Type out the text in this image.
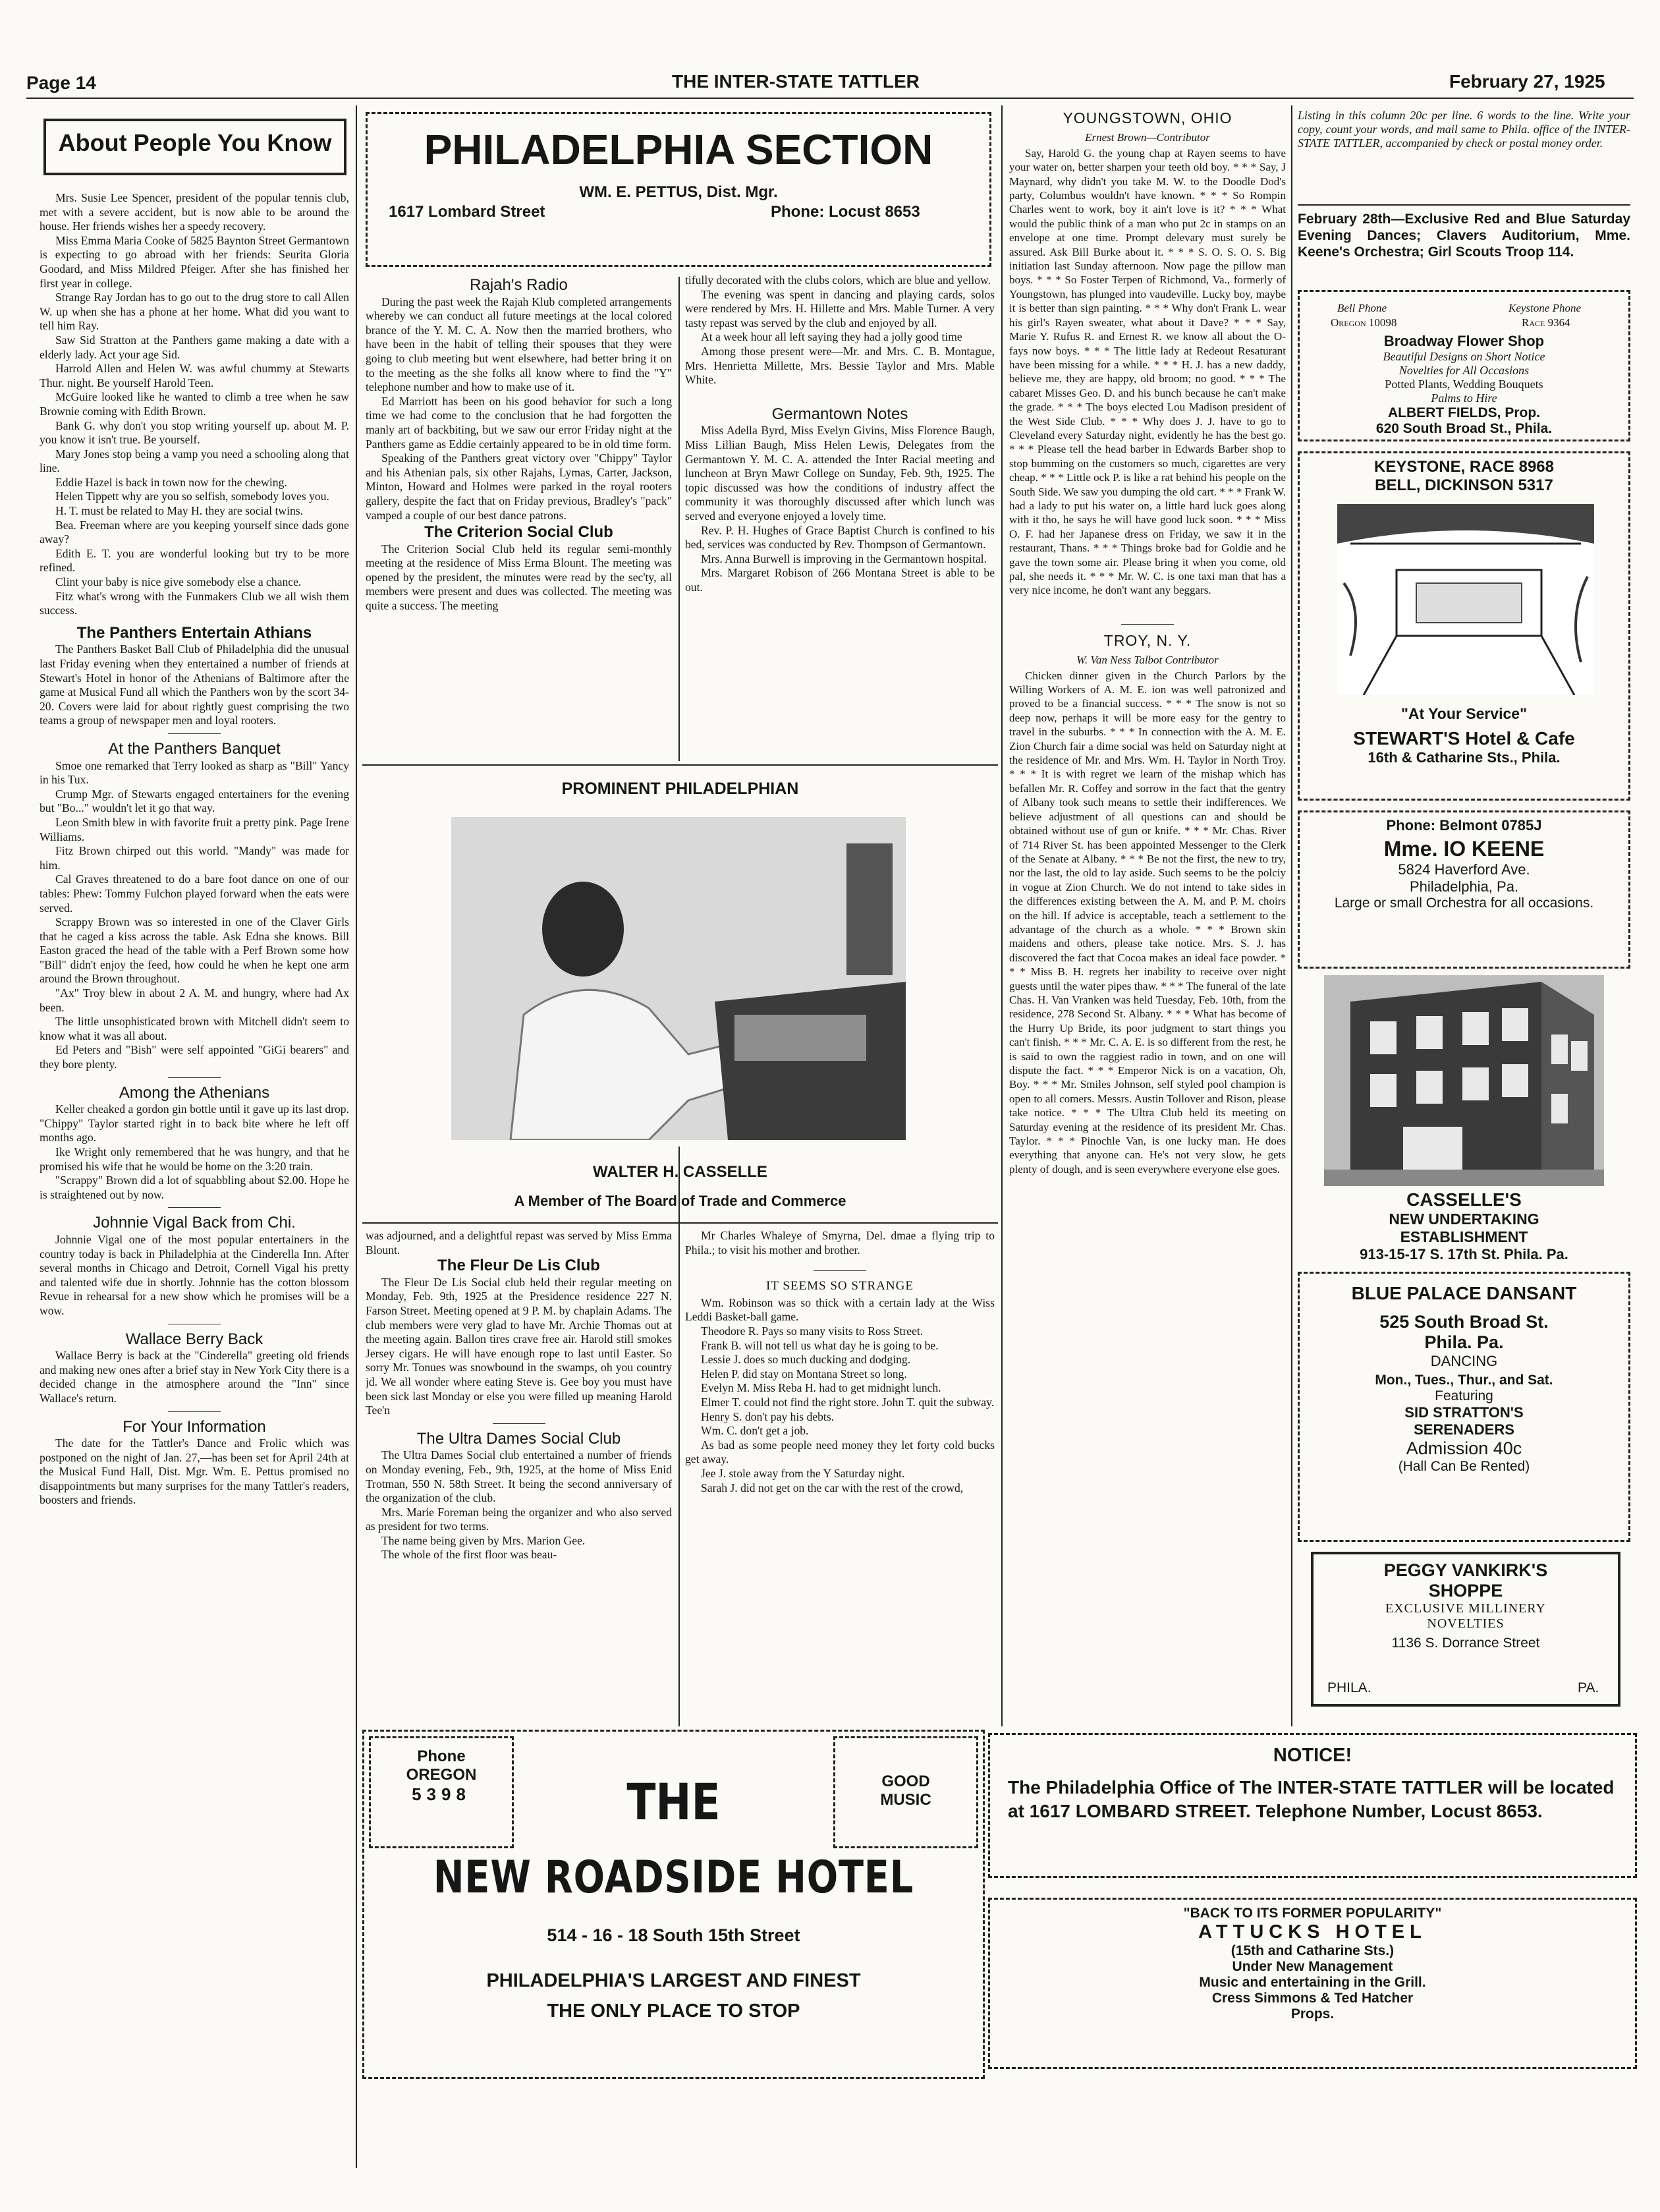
Page 14	THE INTER-STATE TATTLER	February 27, 1925
About People You Know

Mrs. Susie Lee Spencer, president of the popular tennis club, met with a severe accident, but is now able to be around the house. Her friends wishes her a speedy recovery.

Miss Emma Maria Cooke of 5825 Baynton Street Germantown is expecting to go abroad with her friends: Seurita Gloria Goodard, and Miss Mildred Pfeiger. After she has finished her first year in college.

Strange Ray Jordan has to go out to the drug store to call Allen W. up when she has a phone at her home. What did you want to tell him Ray.

Saw Sid Stratton at the Panthers game making a date with a elderly lady. Act your age Sid.

Harrold Allen and Helen W. was awful chummy at Stewarts Thur. night. Be yourself Harold Teen.

McGuire looked like he wanted to climb a tree when he saw Brownie coming with Edith Brown.

Bank G. why don't you stop writing yourself up. about M. P. you know it isn't true. Be yourself.

Mary Jones stop being a vamp you need a schooling along that line.

Eddie Hazel is back in town now for the chewing.

Helen Tippett why are you so selfish, somebody loves you.

H. T. must be related to May H. they are social twins.

Bea. Freeman where are you keeping yourself since dads gone away?

Edith E. T. you are wonderful looking but try to be more refined.

Clint your baby is nice give somebody else a chance.

Fitz what's wrong with the Funmakers Club we all wish them success.

The Panthers Entertain Athians

The Panthers Basket Ball Club of Philadelphia did the unusual last Friday evening when they entertained a number of friends at Stewart's Hotel in honor of the Athenians of Baltimore after the game at Musical Fund all which the Panthers won by the scort 34-20. Covers were laid for about rightly guest comprising the two teams a group of newspaper men and loyal rooters.

At the Panthers Banquet

Smoe one remarked that Terry looked as sharp as "Bill" Yancy in his Tux.

Crump Mgr. of Stewarts engaged entertainers for the evening but "Bo..." wouldn't let it go that way.

Leon Smith blew in with favorite fruit a pretty pink. Page Irene Williams.

Fitz Brown chirped out this world. "Mandy" was made for him.

Cal Graves threatened to do a bare foot dance on one of our tables: Phew: Tommy Fulchon played forward when the eats were served.

Scrappy Brown was so interested in one of the Claver Girls that he caged a kiss across the table. Ask Edna she knows. Bill Easton graced the head of the table with a Perf Brown some how "Bill" didn't enjoy the feed, how could he when he kept one arm around the Brown throughout.

"Ax" Troy blew in about 2 A. M. and hungry, where had Ax been.

The little unsophisticated brown with Mitchell didn't seem to know what it was all about.

Ed Peters and "Bish" were self appointed "GiGi bearers" and they bore plenty.

Among the Athenians

Keller cheaked a gordon gin bottle until it gave up its last drop. "Chippy" Taylor started right in to back bite where he left off months ago.

Ike Wright only remembered that he was hungry, and that he promised his wife that he would be home on the 3:20 train.

"Scrappy" Brown did a lot of squabbling about $2.00. Hope he is straightened out by now.

Johnnie Vigal Back from Chi.

Johnnie Vigal one of the most popular entertainers in the country today is back in Philadelphia at the Cinderella Inn. After several months in Chicago and Detroit, Cornell Vigal his pretty and talented wife due in shortly. Johnnie has the cotton blossom Revue in rehearsal for a new show which he promises will be a wow.

Wallace Berry Back

Wallace Berry is back at the "Cinderella" greeting old friends and making new ones after a brief stay in New York City there is a decided change in the atmosphere around the "Inn" since Wallace's return.

For Your Information

The date for the Tattler's Dance and Frolic which was postponed on the night of Jan. 27,—has been set for April 24th at the Musical Fund Hall, Dist. Mgr. Wm. E. Pettus promised no disappointments but many surprises for the many Tattler's readers, boosters and friends.

PHILADELPHIA SECTION
WM. E. PETTUS, Dist. Mgr.
1617 Lombard Street	Phone: Locust 8653
Rajah's Radio

During the past week the Rajah Klub completed arrangements whereby we can conduct all future meetings at the local colored brance of the Y. M. C. A. Now then the married brothers, who have been in the habit of telling their spouses that they were going to club meeting but went elsewhere, had better bring it on to the meeting as the she folks all know where to find the "Y" telephone number and how to make use of it.

Ed Marriott has been on his good behavior for such a long time we had come to the conclusion that he had forgotten the manly art of backbiting, but we saw our error Friday night at the Panthers game as Eddie certainly appeared to be in old time form.

Speaking of the Panthers great victory over "Chippy" Taylor and his Athenian pals, six other Rajahs, Lymas, Carter, Jackson, Minton, Howard and Holmes were parked in the royal rooters gallery, despite the fact that on Friday previous, Bradley's "pack" vamped a couple of our best dance patrons.

The Criterion Social Club

The Criterion Social Club held its regular semi-monthly meeting at the residence of Miss Erma Blount. The meeting was opened by the president, the minutes were read by the sec'ty, all members were present and dues was collected. The meeting was quite a success. The meeting

tifully decorated with the clubs colors, which are blue and yellow.

The evening was spent in dancing and playing cards, solos were rendered by Mrs. H. Hillette and Mrs. Mable Turner. A very tasty repast was served by the club and enjoyed by all.

At a week hour all left saying they had a jolly good time

Among those present were—Mr. and Mrs. C. B. Montague, Mrs. Henrietta Millette, Mrs. Bessie Taylor and Mrs. Mable White.

Germantown Notes

Miss Adella Byrd, Miss Evelyn Givins, Miss Florence Baugh, Miss Lillian Baugh, Miss Helen Lewis, Delegates from the Germantown Y. M. C. A. attended the Inter Racial meeting and luncheon at Bryn Mawr College on Sunday, Feb. 9th, 1925. The topic discussed was how the conditions of industry affect the community it was thoroughly discussed after which lunch was served and everyone enjoyed a lovely time.

Rev. P. H. Hughes of Grace Baptist Church is confined to his bed, services was conducted by Rev. Thompson of Germantown.

Mrs. Anna Burwell is improving in the Germantown hospital.

Mrs. Margaret Robison of 266 Montana Street is able to be out.

PROMINENT PHILADELPHIAN
WALTER H. CASSELLE
A Member of The Board of Trade and Commerce

was adjourned, and a delightful repast was served by Miss Emma Blount.

The Fleur De Lis Club

The Fleur De Lis Social club held their regular meeting on Monday, Feb. 9th, 1925 at the Presidence residence 227 N. Farson Street. Meeting opened at 9 P. M. by chaplain Adams. The club members were very glad to have Mr. Archie Thomas out at the meeting again. Ballon tires crave free air. Harold still smokes Jersey cigars. He will have enough rope to last until Easter. So sorry Mr. Tonues was snowbound in the swamps, oh you country jd. We all wonder where eating Steve is. Gee boy you must have been sick last Monday or else you were filled up meaning Harold Tee'n

The Ultra Dames Social Club

The Ultra Dames Social club entertained a number of friends on Monday evening, Feb., 9th, 1925, at the home of Miss Enid Trotman, 550 N. 58th Street. It being the second anniversary of the organization of the club.

Mrs. Marie Foreman being the organizer and who also served as president for two terms.

The name being given by Mrs. Marion Gee.

The whole of the first floor was beau-

Mr Charles Whaleye of Smyrna, Del. dmae a flying trip to Phila.; to visit his mother and brother.

IT SEEMS SO STRANGE

Wm. Robinson was so thick with a certain lady at the Wiss Leddi Basket-ball game.

Theodore R. Pays so many visits to Ross Street.

Frank B. will not tell us what day he is going to be.

Lessie J. does so much ducking and dodging.

Helen P. did stay on Montana Street so long.

Evelyn M. Miss Reba H. had to get midnight lunch.

Elmer T. could not find the right store. John T. quit the subway.

Henry S. don't pay his debts.

Wm. C. don't get a job.

As bad as some people need money they let forty cold bucks get away.

Jee J. stole away from the Y Saturday night.

Sarah J. did not get on the car with the rest of the crowd,

YOUNGSTOWN, OHIO
Ernest Brown—Contributor

Say, Harold G. the young chap at Rayen seems to have your water on, better sharpen your teeth old boy. * * * Say, J Maynard, why didn't you take M. W. to the Doodle Dod's party, Columbus wouldn't have known. * * * So Rompin Charles went to work, boy it ain't love is it? * * * What would the public think of a man who put 2c in stamps on an envelope at one time. Prompt delevary must surely be assured. Ask Bill Burke about it. * * * S. O. S. O. S. Big initiation last Sunday afternoon. Now page the pillow man boys. * * * So Foster Terpen of Richmond, Va., formerly of Youngstown, has plunged into vaudeville. Lucky boy, maybe it is better than sign painting. * * * Why don't Frank L. wear his girl's Rayen sweater, what about it Dave? * * * Say, Marie Y. Rufus R. and Ernest R. we know all about the O-fays now boys. * * * The little lady at Redeout Resaturant have been missing for a while. * * * H. J. has a new daddy, believe me, they are happy, old broom; no good. * * * The cabaret Misses Geo. D. and his bunch because he can't make the grade. * * * The boys elected Lou Madison president of the West Side Club. * * * Why does J. J. have to go to Cleveland every Saturday night, evidently he has the best go. * * * Please tell the head barber in Edwards Barber shop to stop bumming on the customers so much, cigarettes are very cheap. * * * Little ock P. is like a rat behind his people on the South Side. We saw you dumping the old cart. * * * Frank W. had a lady to put his water on, a little hard luck goes along with it tho, he says he will have good luck soon. * * * Miss O. F. had her Japanese dress on Friday, we saw it in the restaurant, Thans. * * * Things broke bad for Goldie and he gave the town some air. Please bring it when you come, old pal, she needs it. * * * Mr. W. C. is one taxi man that has a very nice income, he don't want any beggars.

TROY, N. Y.
W. Van Ness Talbot Contributor

Chicken dinner given in the Church Parlors by the Willing Workers of A. M. E. ion was well patronized and proved to be a financial success. * * * The snow is not so deep now, perhaps it will be more easy for the gentry to travel in the suburbs. * * * In connection with the A. M. E. Zion Church fair a dime social was held on Saturday night at the residence of Mr. and Mrs. Wm. H. Taylor in North Troy. * * * It is with regret we learn of the mishap which has befallen Mr. R. Coffey and sorrow in the fact that the gentry of Albany took such means to settle their indifferences. We believe adjustment of all questions can and should be obtained without use of gun or knife. * * * Mr. Chas. River of 714 River St. has been appointed Messenger to the Clerk of the Senate at Albany. * * * Be not the first, the new to try, nor the last, the old to lay aside. Such seems to be the polciy in vogue at Zion Church. We do not intend to take sides in the differences existing between the A. M. and P. M. choirs on the hill. If advice is acceptable, teach a settlement to the advantage of the church as a whole. * * * Brown skin maidens and others, please take notice. Mrs. S. J. has discovered the fact that Cocoa makes an ideal face powder. * * * Miss B. H. regrets her inability to receive over night guests until the water pipes thaw. * * * The funeral of the late Chas. H. Van Vranken was held Tuesday, Feb. 10th, from the residence, 278 Second St. Albany. * * * What has become of the Hurry Up Bride, its poor judgment to start things you can't finish. * * * Mr. C. A. E. is so different from the rest, he is said to own the raggiest radio in town, and on one will dispute the fact. * * * Emperor Nick is on a vacation, Oh, Boy. * * * Mr. Smiles Johnson, self styled pool champion is open to all comers. Messrs. Austin Tollover and Rison, please take notice. * * * The Ultra Club held its meeting on Saturday evening at the residence of its president Mr. Chas. Taylor. * * * Pinochle Van, is one lucky man. He does everything that anyone can. He's not very slow, he gets plenty of dough, and is seen everywhere everyone else goes.

Listing in this column 20c per line. 6 words to the line. Write your copy, count your words, and mail same to Phila. office of the INTER-STATE TATTLER, accompanied by check or postal money order.
February 28th—Exclusive Red and Blue Saturday Evening Dances; Clavers Auditorium, Mme. Keene's Orchestra; Girl Scouts Troop 114.
Bell Phone
Oregon 10098
Keystone Phone
Race 9364
Broadway Flower Shop
Beautiful Designs on Short Notice
Novelties for All Occasions
Potted Plants, Wedding Bouquets
Palms to Hire
ALBERT FIELDS, Prop.
620 South Broad St., Phila.
KEYSTONE, RACE 8968
BELL, DICKINSON 5317
"At Your Service"
STEWART'S Hotel & Cafe
16th & Catharine Sts., Phila.
Phone: Belmont 0785J
Mme. IO KEENE
5824 Haverford Ave.
Philadelphia, Pa.
Large or small Orchestra for all occasions.
CASSELLE'S
NEW UNDERTAKING
ESTABLISHMENT
913-15-17 S. 17th St. Phila. Pa.
BLUE PALACE DANSANT
525 South Broad St.
Phila. Pa.
DANCING
Mon., Tues., Thur., and Sat.
Featuring
SID STRATTON'S
SERENADERS
Admission 40c
(Hall Can Be Rented)
PEGGY VANKIRK'S
SHOPPE
EXCLUSIVE MILLINERY
NOVELTIES
1136 S. Dorrance Street
PHILA.	PA.
NOTICE!
The Philadelphia Office of The INTER-STATE TATTLER will be located at 1617 LOMBARD STREET. Telephone Number, Locust 8653.
"BACK TO ITS FORMER POPULARITY"
ATTUCKS HOTEL
(15th and Catharine Sts.)
Under New Management
Music and entertaining in the Grill.
Cress Simmons & Ted Hatcher
Props.
Phone
OREGON
5398
GOOD
MUSIC
THE
NEW ROADSIDE HOTEL
514 - 16 - 18 South 15th Street
PHILADELPHIA'S LARGEST AND FINEST
THE ONLY PLACE TO STOP
